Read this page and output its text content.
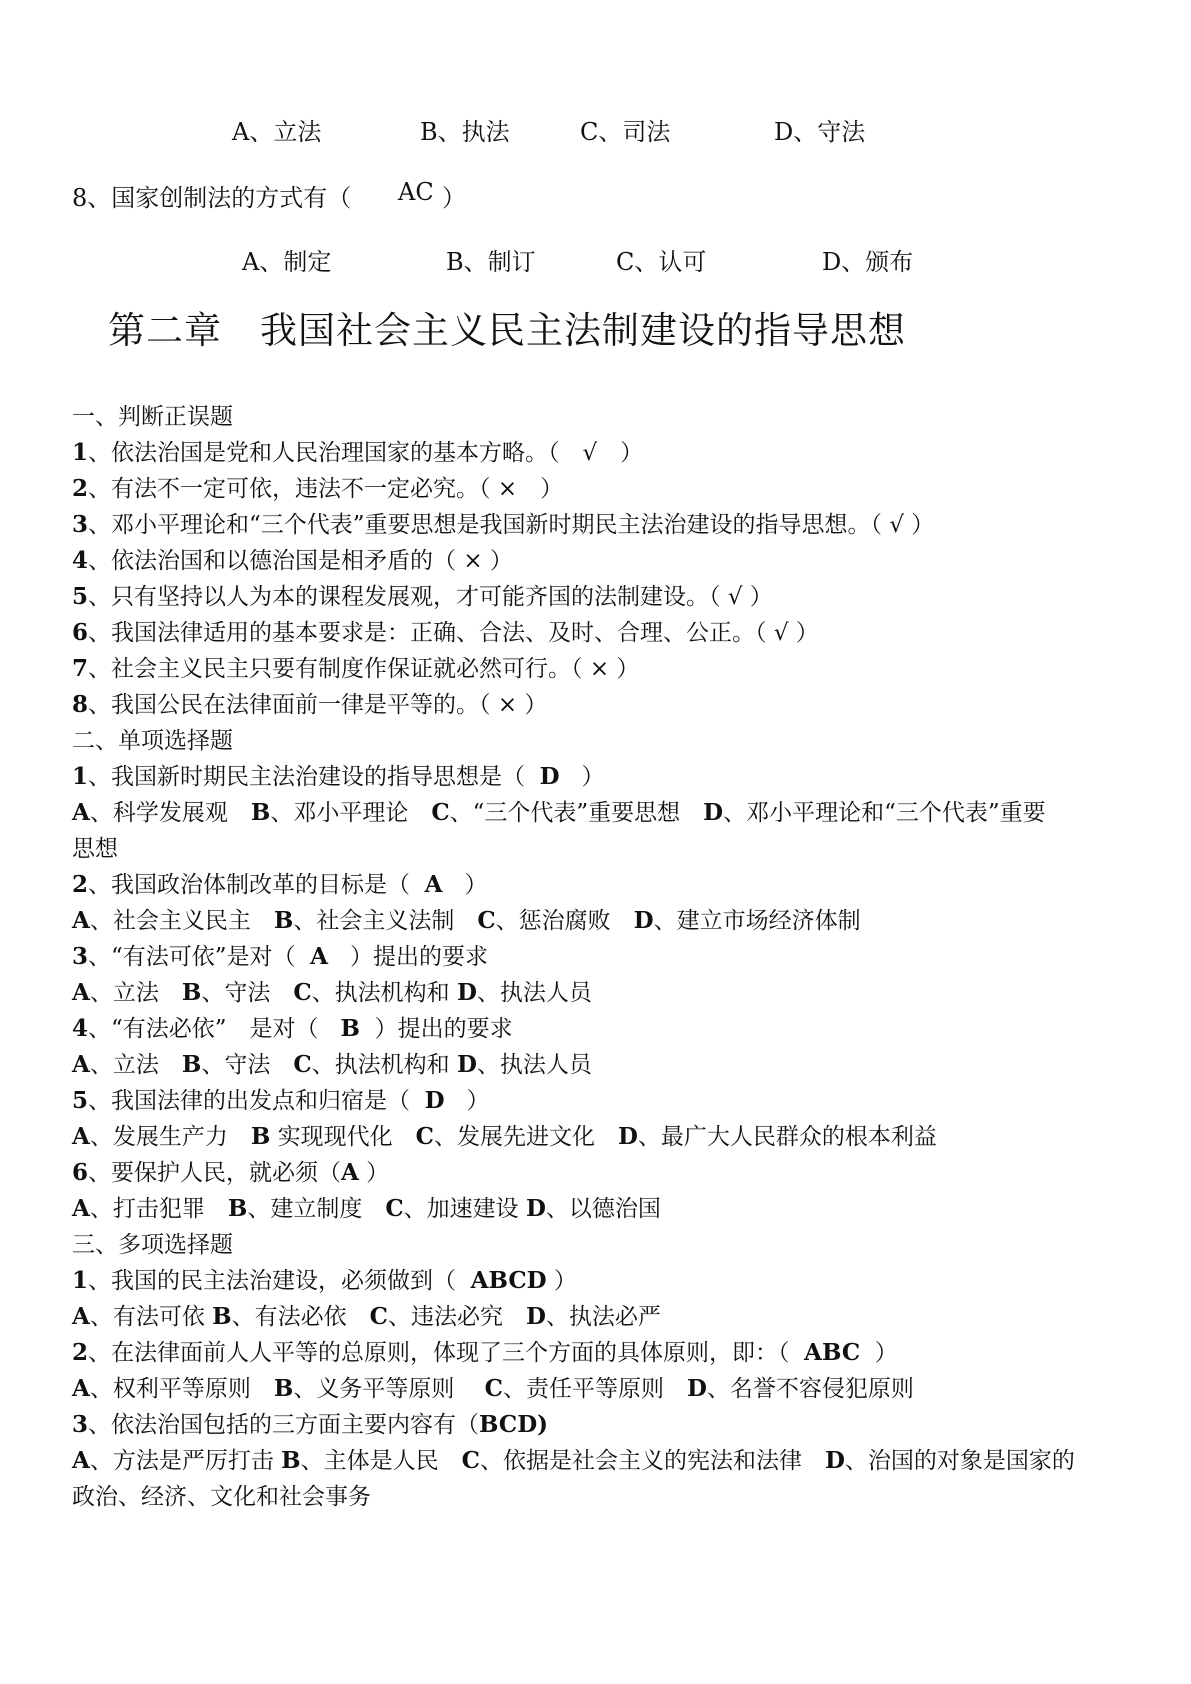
A、立法	B、执法	C、司法	D、守法
8、国家创制法的方式有（ AC ）
A、制定	B、制订	C、认可	D、颁布
第二章　我国社会主义民主法制建设的指导思想
一、判断正误题
1、依法治国是党和人民治理国家的基本方略。（　√　）
2、有法不一定可依，违法不一定必究。（ ×　）
3、邓小平理论和“三个代表”重要思想是我国新时期民主法治建设的指导思想。（ √ ）
4、依法治国和以德治国是相矛盾的（ × ）
5、只有坚持以人为本的课程发展观，才可能齐国的法制建设。（ √ ）
6、我国法律适用的基本要求是：正确、合法、及时、合理、公正。（ √ ）
7、社会主义民主只要有制度作保证就必然可行。（ × ）
8、我国公民在法律面前一律是平等的。（ × ）
二、单项选择题
1、我国新时期民主法治建设的指导思想是（ D ）
A、科学发展观　B、邓小平理论　C、“三个代表”重要思想　D、邓小平理论和“三个代表”重要
思想
2、我国政治体制改革的目标是（ A ）
A、社会主义民主　B、社会主义法制　C、惩治腐败　D、建立市场经济体制
3、“有法可依”是对（ A ）提出的要求
A、立法　B、守法　C、执法机构和 D、执法人员
4、“有法必依”　是对（ B ）提出的要求
A、立法　B、守法　C、执法机构和 D、执法人员
5、我国法律的出发点和归宿是（ D ）
A、发展生产力　B 实现现代化　C、发展先进文化　D、最广大人民群众的根本利益
6、要保护人民，就必须（A ）
A、打击犯罪　B、建立制度　C、加速建设 D、以德治国
三、多项选择题
1、我国的民主法治建设，必须做到（ ABCD ）
A、有法可依 B、有法必依　C、违法必究　D、执法必严
2、在法律面前人人平等的总原则，体现了三个方面的具体原则，即：（ ABC ）
A、权利平等原则　B、义务平等原则　 C、责任平等原则　D、名誉不容侵犯原则
3、依法治国包括的三方面主要内容有（BCD)
A、方法是严厉打击 B、主体是人民　C、依据是社会主义的宪法和法律　D、治国的对象是国家的
政治、经济、文化和社会事务
